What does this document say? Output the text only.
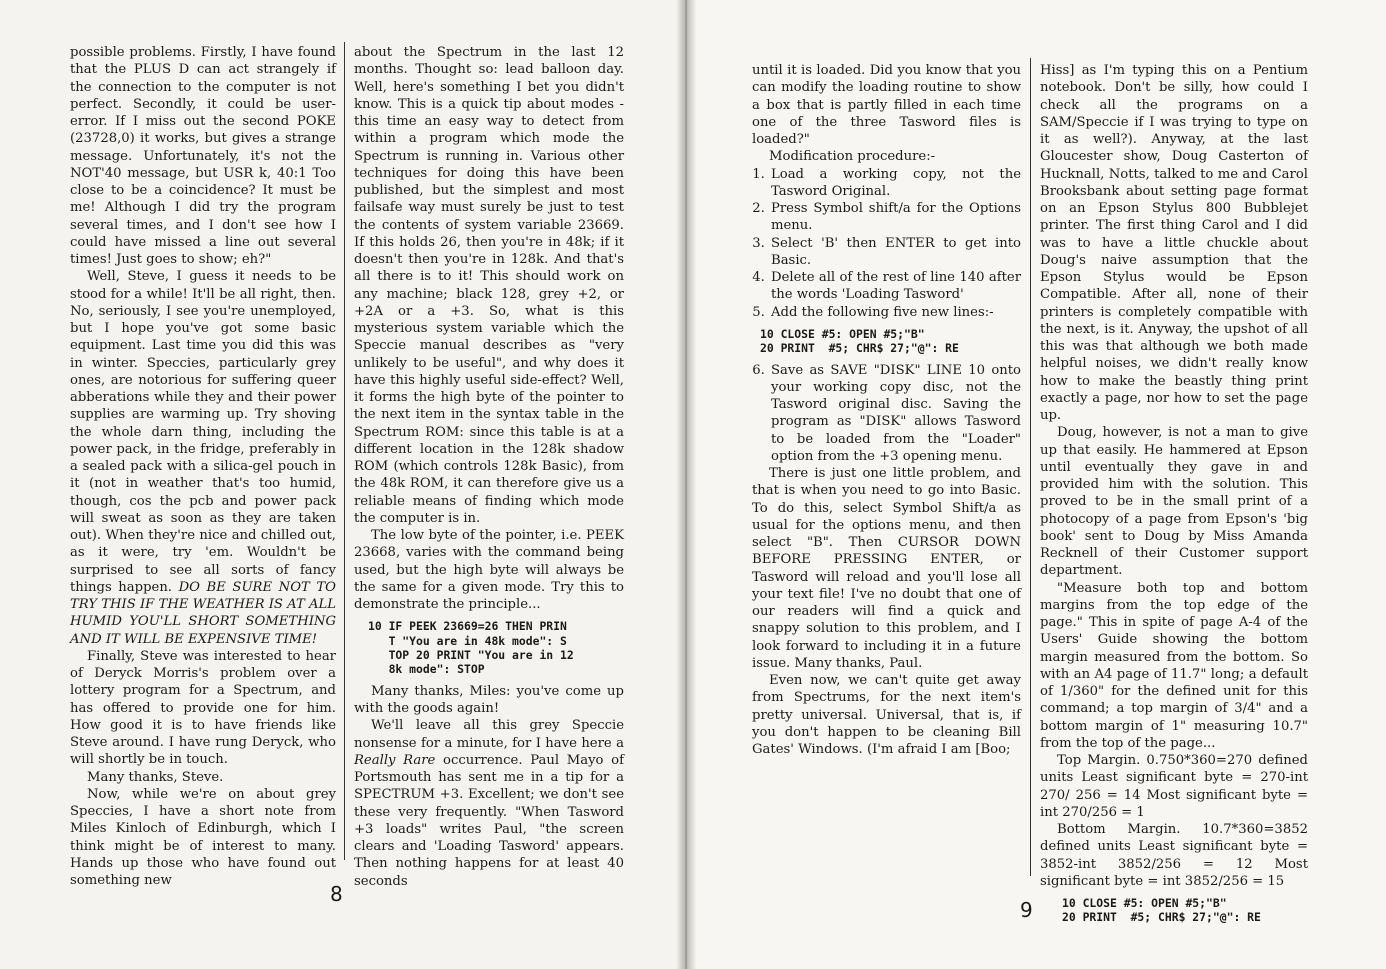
possible problems. Firstly, I have found that the PLUS D can act strangely if the connection to the computer is not perfect. Secondly, it could be user-error. If I miss out the second POKE (23728,0) it works, but gives a strange message. Unfortunately, it's not the NOT'40 message, but USR k, 40:1 Too close to be a coincidence? It must be me! Although I did try the program several times, and I don't see how I could have missed a line out several times! Just goes to show; eh?"

Well, Steve, I guess it needs to be stood for a while! It'll be all right, then. No, seriously, I see you're unemployed, but I hope you've got some basic equipment. Last time you did this was in winter. Speccies, particularly grey ones, are notorious for suffering queer abberations while they and their power supplies are warming up. Try shoving the whole darn thing, including the power pack, in the fridge, preferably in a sealed pack with a silica-gel pouch in it (not in weather that's too humid, though, cos the pcb and power pack will sweat as soon as they are taken out). When they're nice and chilled out, as it were, try 'em. Wouldn't be surprised to see all sorts of fancy things happen. DO BE SURE NOT TO TRY THIS IF THE WEATHER IS AT ALL HUMID YOU'LL SHORT SOMETHING AND IT WILL BE EXPENSIVE TIME!

Finally, Steve was interested to hear of Deryck Morris's problem over a lottery program for a Spectrum, and has offered to provide one for him. How good it is to have friends like Steve around. I have rung Deryck, who will shortly be in touch.

Many thanks, Steve.

Now, while we're on about grey Speccies, I have a short note from Miles Kinloch of Edinburgh, which I think might be of interest to many. Hands up those who have found out something new

about the Spectrum in the last 12 months. Thought so: lead balloon day. Well, here's something I bet you didn't know. This is a quick tip about modes - this time an easy way to detect from within a program which mode the Spectrum is running in. Various other techniques for doing this have been published, but the simplest and most failsafe way must surely be just to test the contents of system variable 23669. If this holds 26, then you're in 48k; if it doesn't then you're in 128k. And that's all there is to it! This should work on any machine; black 128, grey +2, or +2A or a +3. So, what is this mysterious system variable which the Speccie manual describes as "very unlikely to be useful", and why does it have this highly useful side-effect? Well, it forms the high byte of the pointer to the next item in the syntax table in the Spectrum ROM: since this table is at a different location in the 128k shadow ROM (which controls 128k Basic), from the 48k ROM, it can therefore give us a reliable means of finding which mode the computer is in.

The low byte of the pointer, i.e. PEEK 23668, varies with the command being used, but the high byte will always be the same for a given mode. Try this to demonstrate the principle...

10 IF PEEK 23669=26 THEN PRIN
T "You are in 48k mode": S
TOP 20 PRINT "You are in 12
8k mode": STOP

Many thanks, Miles: you've come up with the goods again!

We'll leave all this grey Speccie nonsense for a minute, for I have here a Really Rare occurrence. Paul Mayo of Portsmouth has sent me in a tip for a SPECTRUM +3. Excellent; we don't see these very frequently. "When Tasword +3 loads" writes Paul, "the screen clears and 'Loading Tasword' appears. Then nothing happens for at least 40 seconds

8

until it is loaded. Did you know that you can modify the loading routine to show a box that is partly filled in each time one of the three Tasword files is loaded?"

Modification procedure:-

1. Load a working copy, not the Tasword Original.
2. Press Symbol shift/a for the Options menu.
3. Select 'B' then ENTER to get into Basic.
4. Delete all of the rest of line 140 after the words 'Loading Tasword'
5. Add the following five new lines:-
10 CLOSE #5: OPEN #5;"B"
20 PRINT  #5; CHR$ 27;"@": RE
6. Save as SAVE "DISK" LINE 10 onto your working copy disc, not the Tasword original disc. Saving the program as "DISK" allows Tasword to be loaded from the "Loader" option from the +3 opening menu.

There is just one little problem, and that is when you need to go into Basic. To do this, select Symbol Shift/a as usual for the options menu, and then select "B". Then CURSOR DOWN BEFORE PRESSING ENTER, or Tasword will reload and you'll lose all your text file! I've no doubt that one of our readers will find a quick and snappy solution to this problem, and I look forward to including it in a future issue. Many thanks, Paul.

Even now, we can't quite get away from Spectrums, for the next item's pretty universal. Universal, that is, if you don't happen to be cleaning Bill Gates' Windows. (I'm afraid I am [Boo;

Hiss] as I'm typing this on a Pentium notebook. Don't be silly, how could I check all the programs on a SAM/Speccie if I was trying to type on it as well?). Anyway, at the last Gloucester show, Doug Casterton of Hucknall, Notts, talked to me and Carol Brooksbank about setting page format on an Epson Stylus 800 Bubblejet printer. The first thing Carol and I did was to have a little chuckle about Doug's naive assumption that the Epson Stylus would be Epson Compatible. After all, none of their printers is completely compatible with the next, is it. Anyway, the upshot of all this was that although we both made helpful noises, we didn't really know how to make the beastly thing print exactly a page, nor how to set the page up.

Doug, however, is not a man to give up that easily. He hammered at Epson until eventually they gave in and provided him with the solution. This proved to be in the small print of a photocopy of a page from Epson's 'big book' sent to Doug by Miss Amanda Recknell of their Customer support department.

"Measure both top and bottom margins from the top edge of the page." This in spite of page A-4 of the Users' Guide showing the bottom margin measured from the bottom. So with an A4 page of 11.7" long; a default of 1/360" for the defined unit for this command; a top margin of 3/4" and a bottom margin of 1" measuring 10.7" from the top of the page...

Top Margin. 0.750*360=270 defined units Least significant byte = 270-int 270/ 256 = 14 Most significant byte = int 270/256 = 1

Bottom Margin. 10.7*360=3852 defined units Least significant byte = 3852-int 3852/256 = 12 Most significant byte = int 3852/256 = 15

10 CLOSE #5: OPEN #5;"B"
20 PRINT  #5; CHR$ 27;"@": RE
9
